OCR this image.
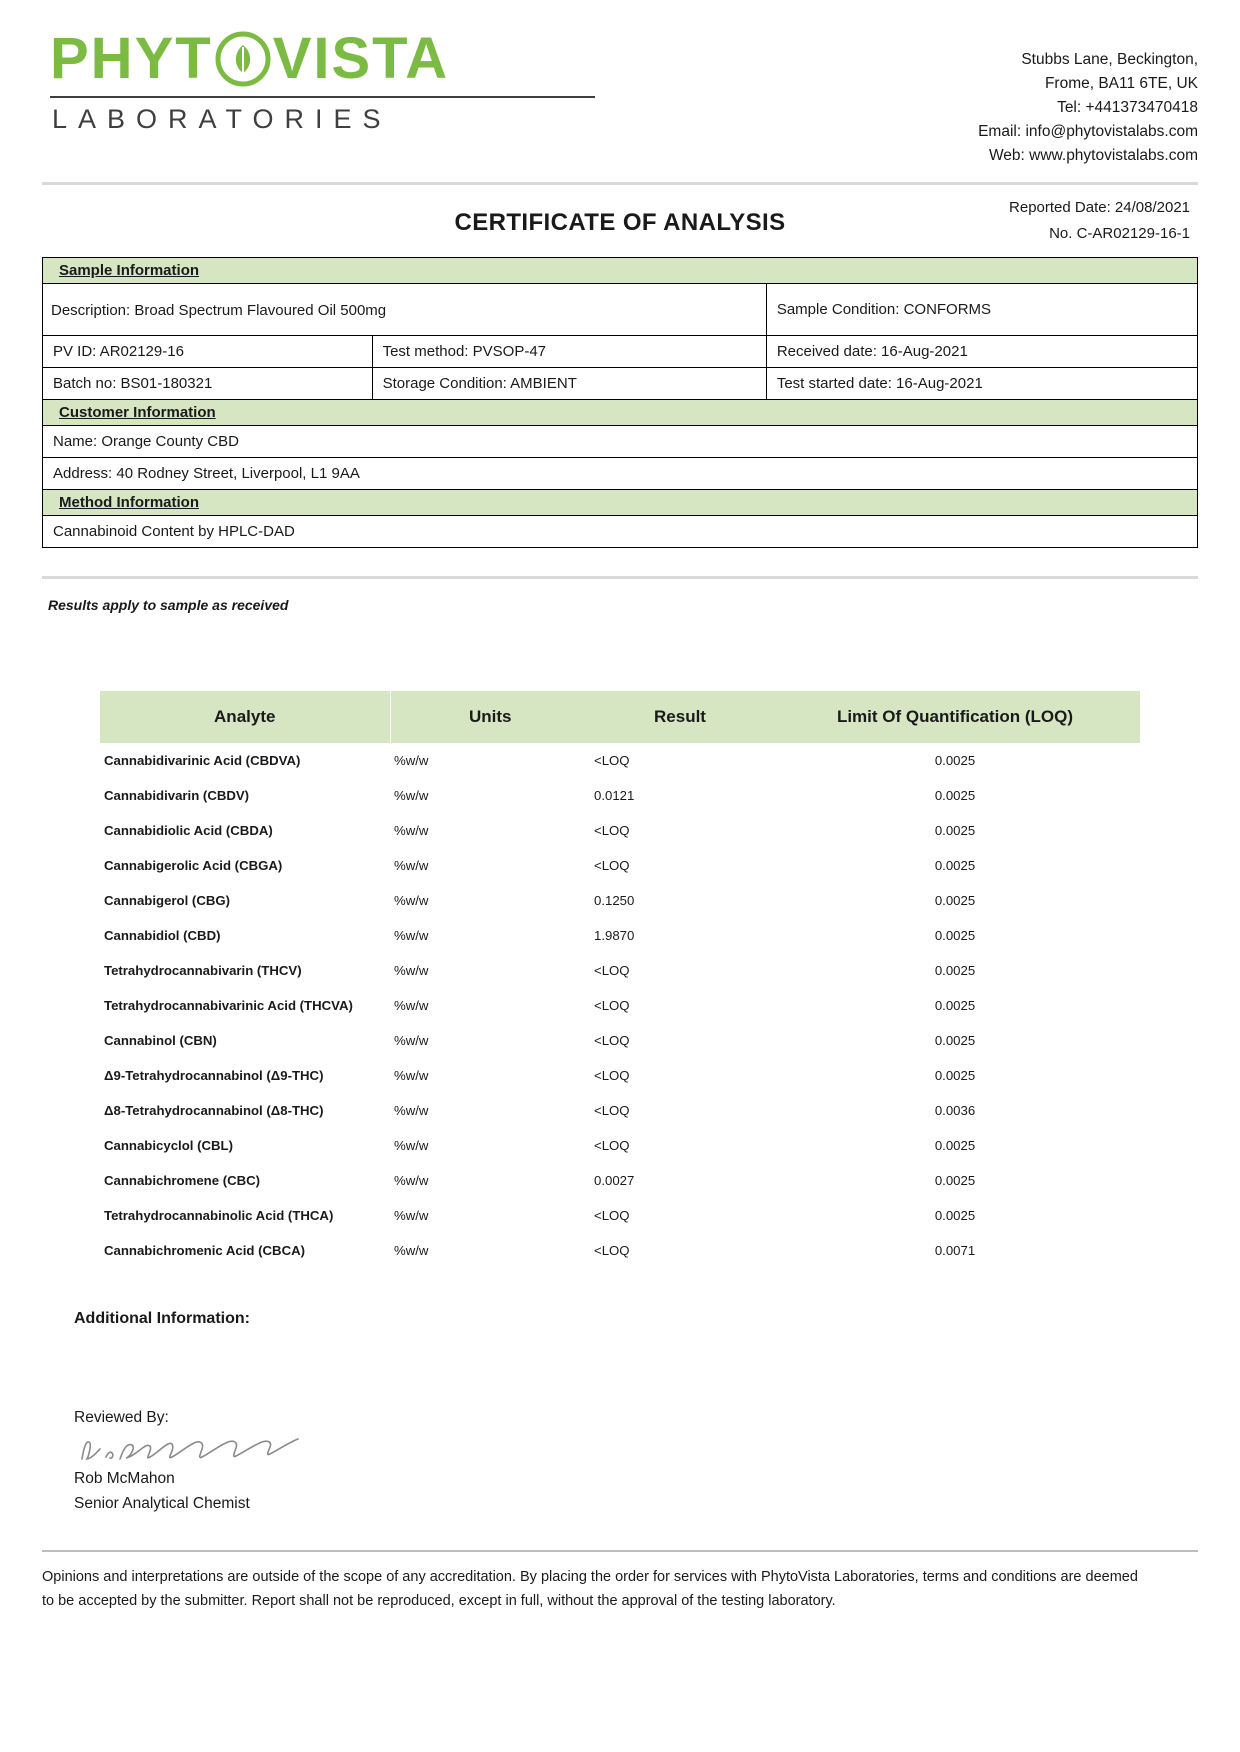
PHYT VISTA
LABORATORIES
Stubbs Lane, Beckington,
Frome, BA11 6TE, UK
Tel: +441373470418
Email: info@phytovistalabs.com
Web: www.phytovistalabs.com
CERTIFICATE OF ANALYSIS
Reported Date: 24/08/2021
No. C-AR02129-16-1
Sample Information		
Description: Broad Spectrum Flavoured Oil 500mg		Sample Condition: CONFORMS
PV ID: AR02129-16	Test method: PVSOP-47	Received date: 16-Aug-2021
Batch no: BS01-180321	Storage Condition: AMBIENT	Test started date: 16-Aug-2021
Customer Information		
Name: Orange County CBD		
Address: 40 Rodney Street, Liverpool, L1 9AA		
Method Information		
Cannabinoid Content by HPLC-DAD		
Results apply to sample as received
Analyte	Units	Result	Limit Of Quantification (LOQ)
Cannabidivarinic Acid (CBDVA)	%w/w	<LOQ	0.0025
Cannabidivarin (CBDV)	%w/w	0.0121	0.0025
Cannabidiolic Acid (CBDA)	%w/w	<LOQ	0.0025
Cannabigerolic Acid (CBGA)	%w/w	<LOQ	0.0025
Cannabigerol (CBG)	%w/w	0.1250	0.0025
Cannabidiol (CBD)	%w/w	1.9870	0.0025
Tetrahydrocannabivarin (THCV)	%w/w	<LOQ	0.0025
Tetrahydrocannabivarinic Acid (THCVA)	%w/w	<LOQ	0.0025
Cannabinol (CBN)	%w/w	<LOQ	0.0025
Δ9-Tetrahydrocannabinol (Δ9-THC)	%w/w	<LOQ	0.0025
Δ8-Tetrahydrocannabinol (Δ8-THC)	%w/w	<LOQ	0.0036
Cannabicyclol (CBL)	%w/w	<LOQ	0.0025
Cannabichromene (CBC)	%w/w	0.0027	0.0025
Tetrahydrocannabinolic Acid (THCA)	%w/w	<LOQ	0.0025
Cannabichromenic Acid (CBCA)	%w/w	<LOQ	0.0071
Additional Information:
Reviewed By:
Rob McMahon
Senior Analytical Chemist
Opinions and interpretations are outside of the scope of any accreditation. By placing the order for services with PhytoVista Laboratories, terms and conditions are deemed to be accepted by the submitter. Report shall not be reproduced, except in full, without the approval of the testing laboratory.
